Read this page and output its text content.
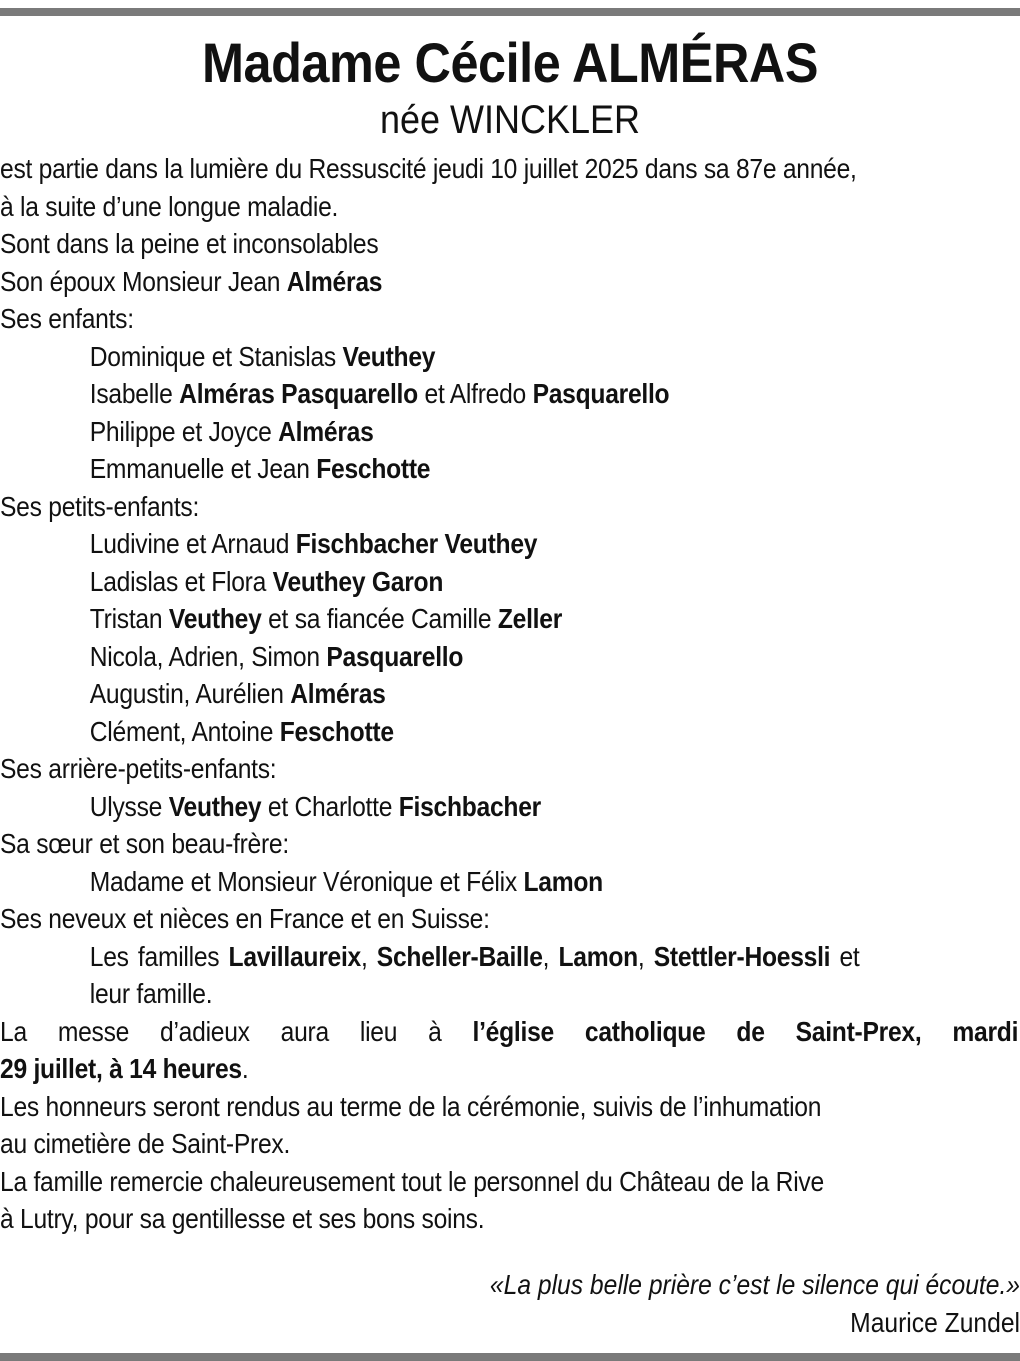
Madame Cécile ALMÉRAS
née WINCKLER
est partie dans la lumière du Ressuscité jeudi 10 juillet 2025 dans sa 87e année,
à la suite d’une longue maladie.
Sont dans la peine et inconsolables
Son époux Monsieur Jean Alméras
Ses enfants:
Dominique et Stanislas Veuthey
Isabelle Alméras Pasquarello et Alfredo Pasquarello
Philippe et Joyce Alméras
Emmanuelle et Jean Feschotte
Ses petits-enfants:
Ludivine et Arnaud Fischbacher Veuthey
Ladislas et Flora Veuthey Garon
Tristan Veuthey et sa fiancée Camille Zeller
Nicola, Adrien, Simon Pasquarello
Augustin, Aurélien Alméras
Clément, Antoine Feschotte
Ses arrière-petits-enfants:
Ulysse Veuthey et Charlotte Fischbacher
Sa sœur et son beau-frère:
Madame et Monsieur Véronique et Félix Lamon
Ses neveux et nièces en France et en Suisse:
Les familles Lavillaureix, Scheller-Baille, Lamon, Stettler-Hoessli et
leur famille.
La messe d’adieux aura lieu à l’église catholique de Saint-Prex, mardi
29 juillet, à 14 heures.
Les honneurs seront rendus au terme de la cérémonie, suivis de l’inhumation
au cimetière de Saint-Prex.
La famille remercie chaleureusement tout le personnel du Château de la Rive
à Lutry, pour sa gentillesse et ses bons soins.
«La plus belle prière c’est le silence qui écoute.»
Maurice Zundel
